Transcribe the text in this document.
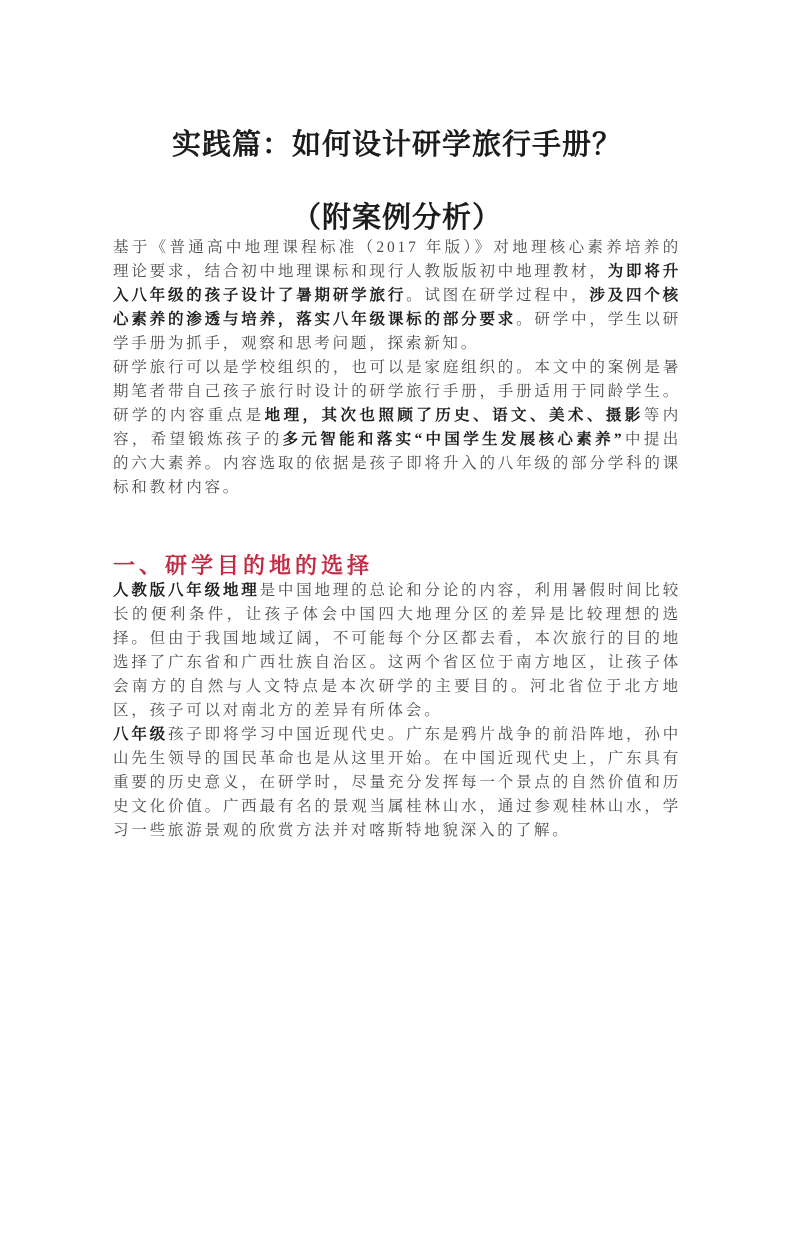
实践篇：如何设计研学旅行手册？
（附案例分析）

基于《普通高中地理课程标准（2017 年版）》对地理核心素养培养的理论要求，结合初中地理课标和现行人教版版初中地理教材，为即将升入八年级的孩子设计了暑期研学旅行。试图在研学过程中，涉及四个核心素养的渗透与培养，落实八年级课标的部分要求。研学中，学生以研学手册为抓手，观察和思考问题，探索新知。

研学旅行可以是学校组织的，也可以是家庭组织的。本文中的案例是暑期笔者带自己孩子旅行时设计的研学旅行手册，手册适用于同龄学生。研学的内容重点是地理，其次也照顾了历史、语文、美术、摄影等内容，希望锻炼孩子的多元智能和落实“中国学生发展核心素养”中提出的六大素养。内容选取的依据是孩子即将升入的八年级的部分学科的课标和教材内容。

一、研学目的地的选择

人教版八年级地理是中国地理的总论和分论的内容，利用暑假时间比较长的便利条件，让孩子体会中国四大地理分区的差异是比较理想的选择。但由于我国地域辽阔，不可能每个分区都去看，本次旅行的目的地选择了广东省和广西壮族自治区。这两个省区位于南方地区，让孩子体会南方的自然与人文特点是本次研学的主要目的。河北省位于北方地区，孩子可以对南北方的差异有所体会。

八年级孩子即将学习中国近现代史。广东是鸦片战争的前沿阵地，孙中山先生领导的国民革命也是从这里开始。在中国近现代史上，广东具有重要的历史意义，在研学时，尽量充分发挥每一个景点的自然价值和历史文化价值。广西最有名的景观当属桂林山水，通过参观桂林山水，学习一些旅游景观的欣赏方法并对喀斯特地貌深入的了解。
